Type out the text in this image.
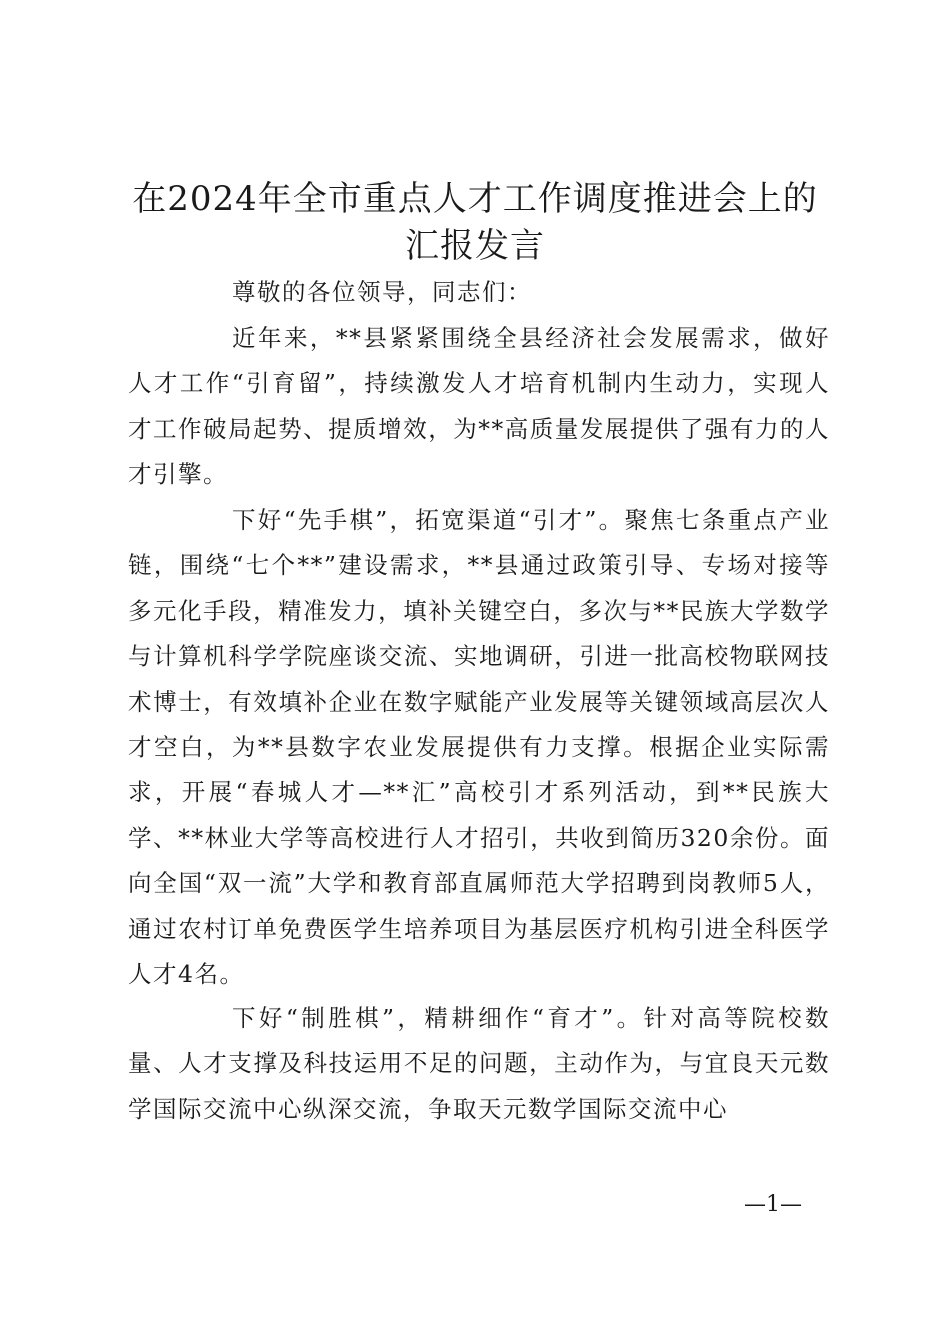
在2024年全市重点人才工作调度推进会上的
汇报发言

尊敬的各位领导，同志们：

近年来，**县紧紧围绕全县经济社会发展需求，做好人才工作“引育留”，持续激发人才培育机制内生动力，实现人才工作破局起势、提质增效，为**高质量发展提供了强有力的人才引擎。

下好“先手棋”，拓宽渠道“引才”。聚焦七条重点产业链，围绕“七个**”建设需求，**县通过政策引导、专场对接等多元化手段，精准发力，填补关键空白，多次与**民族大学数学与计算机科学学院座谈交流、实地调研，引进一批高校物联网技术博士，有效填补企业在数字赋能产业发展等关键领域高层次人才空白，为**县数字农业发展提供有力支撑。根据企业实际需求，开展“春城人才—**汇”高校引才系列活动，到**民族大学、**林业大学等高校进行人才招引，共收到简历320余份。面向全国“双一流”大学和教育部直属师范大学招聘到岗教师5人，通过农村订单免费医学生培养项目为基层医疗机构引进全科医学人才4名。

下好“制胜棋”，精耕细作“育才”。针对高等院校数量、人才支撑及科技运用不足的问题，主动作为，与宜良天元数学国际交流中心纵深交流，争取天元数学国际交流中心

—1—
